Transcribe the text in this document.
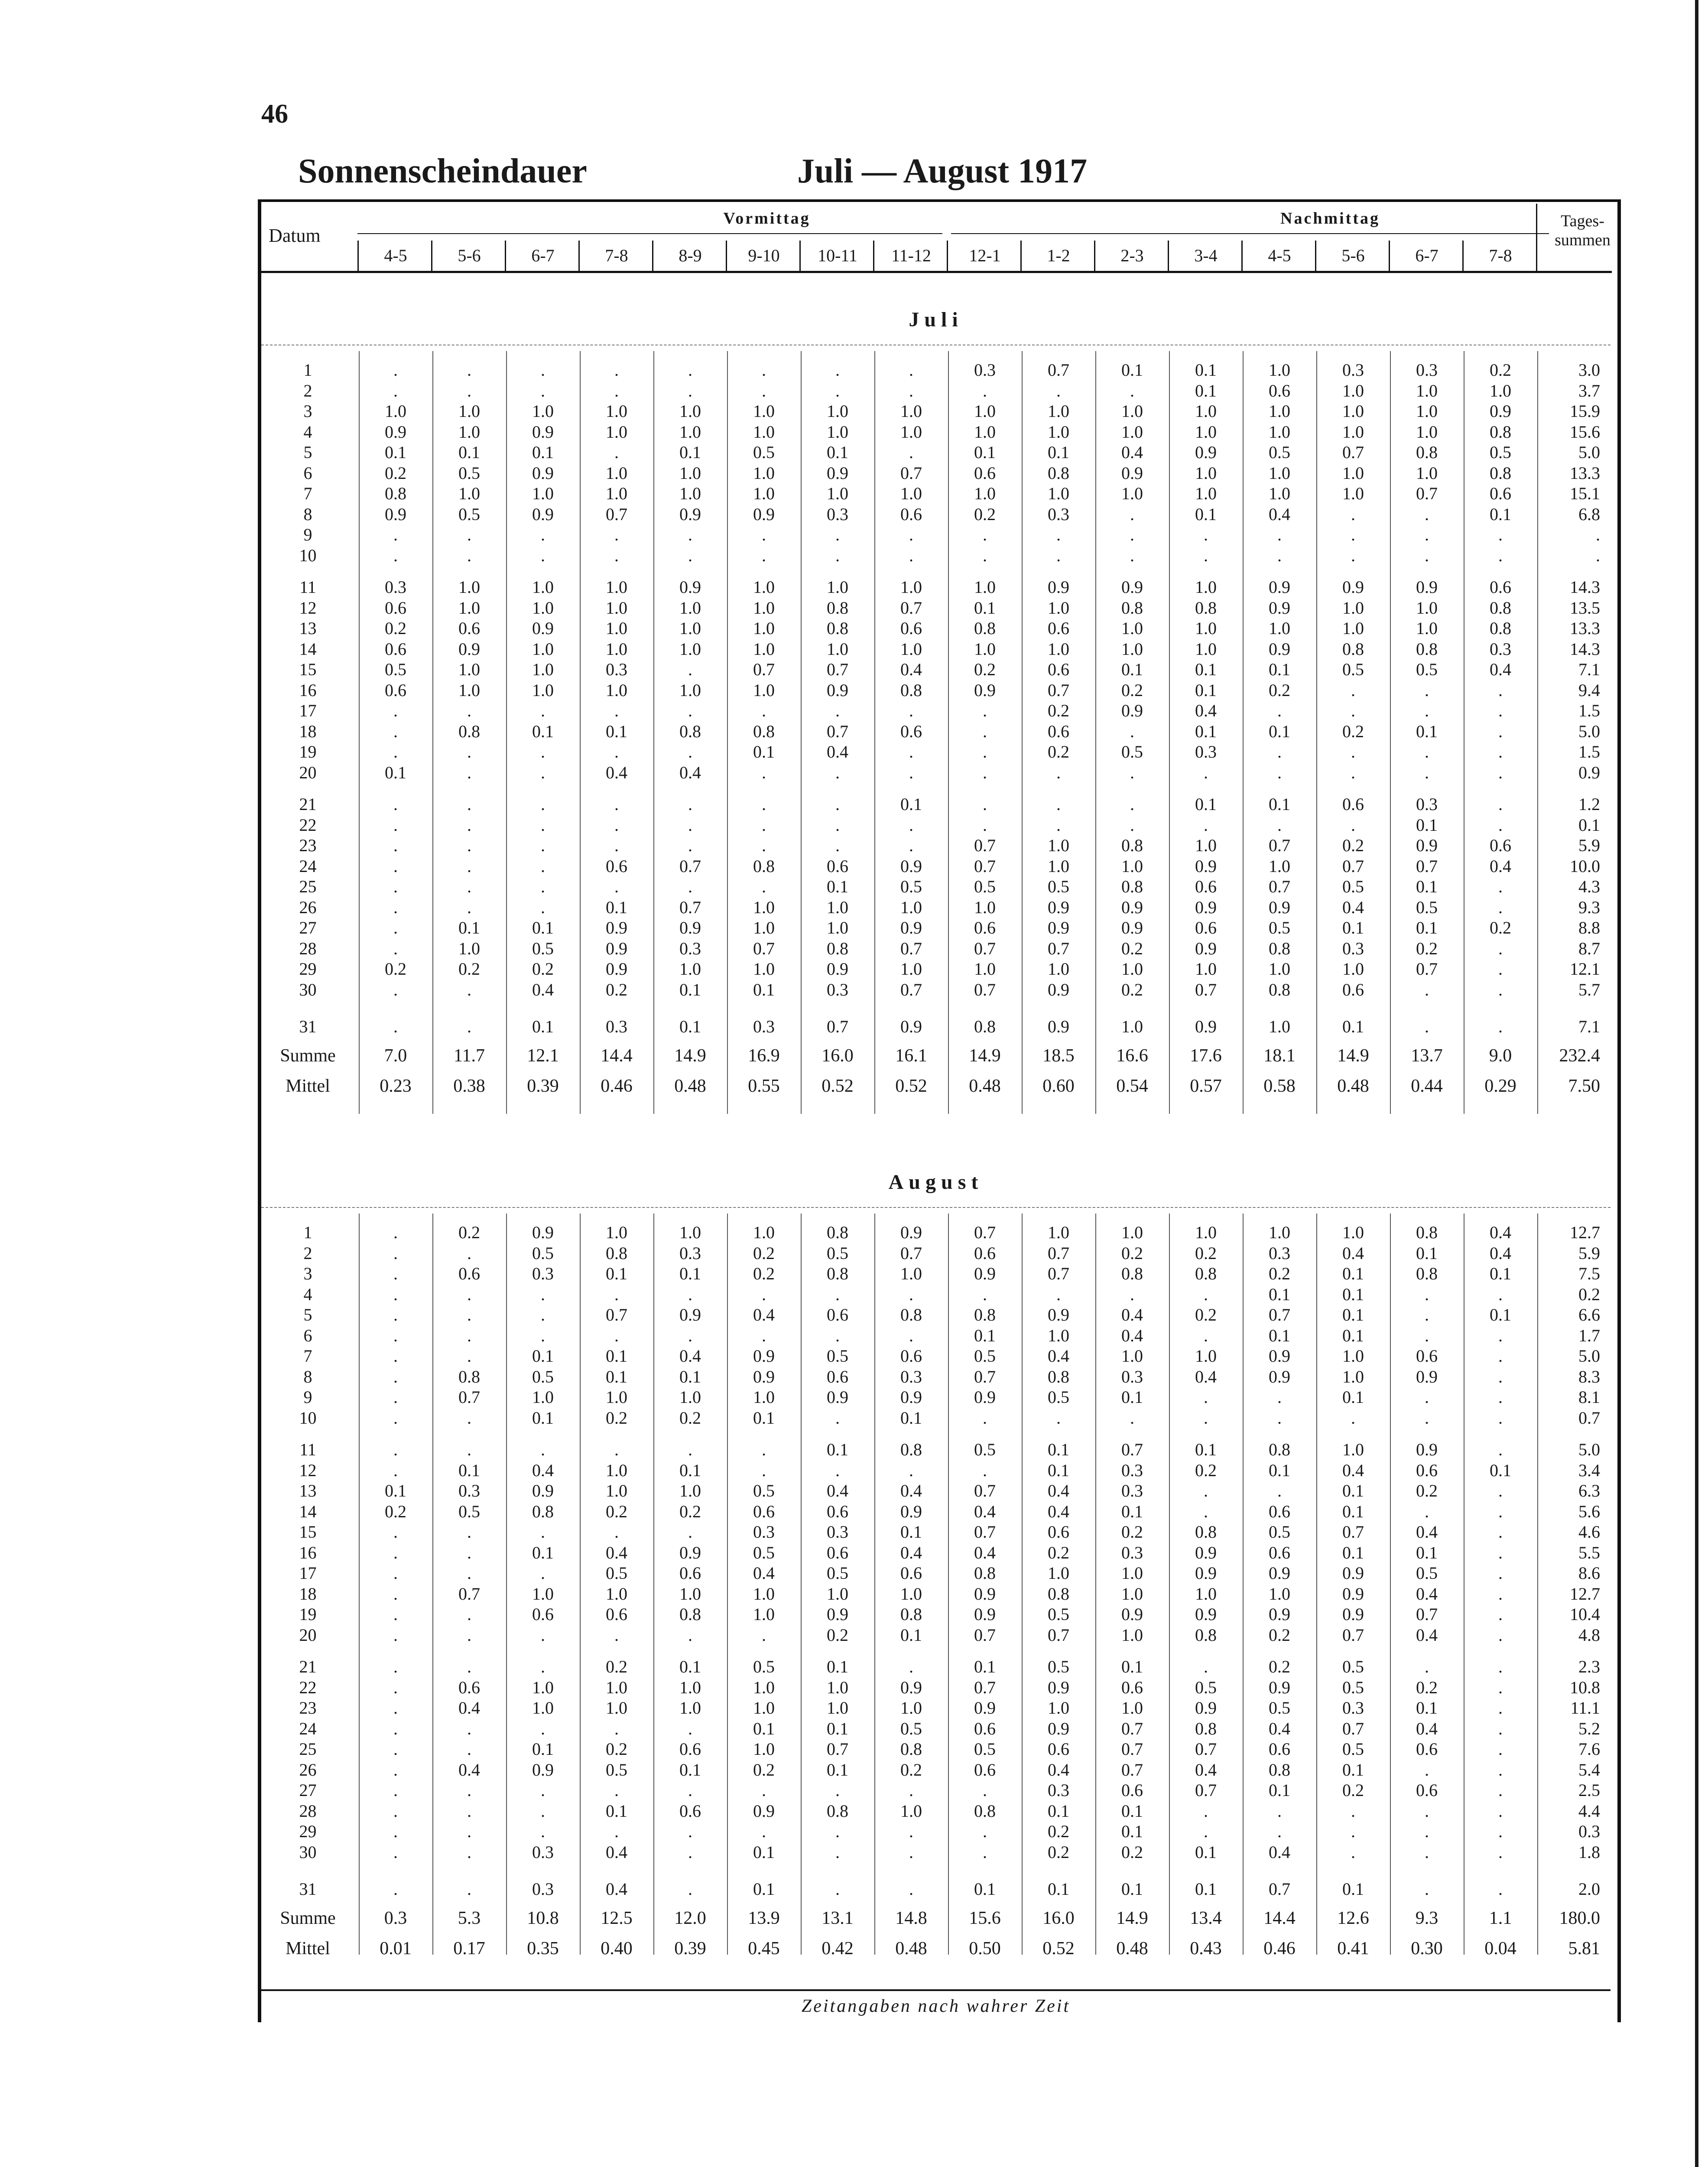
46
Sonnenscheindauer	Juli — August 1917
Datum
Vormittag	Nachmittag	Tages-
summen
4-5	5-6	6-7	7-8	8-9	9-10	10-11	11-12	12-1	1-2	2-3	3-4	4-5	5-6	6-7	7-8
Juli
1	.	.	.	.	.	.	.	.	0.3	0.7	0.1	0.1	1.0	0.3	0.3	0.2	3.0
2	.	.	.	.	.	.	.	.	.	.	.	0.1	0.6	1.0	1.0	1.0	3.7
3	1.0	1.0	1.0	1.0	1.0	1.0	1.0	1.0	1.0	1.0	1.0	1.0	1.0	1.0	1.0	0.9	15.9
4	0.9	1.0	0.9	1.0	1.0	1.0	1.0	1.0	1.0	1.0	1.0	1.0	1.0	1.0	1.0	0.8	15.6
5	0.1	0.1	0.1	.	0.1	0.5	0.1	.	0.1	0.1	0.4	0.9	0.5	0.7	0.8	0.5	5.0
6	0.2	0.5	0.9	1.0	1.0	1.0	0.9	0.7	0.6	0.8	0.9	1.0	1.0	1.0	1.0	0.8	13.3
7	0.8	1.0	1.0	1.0	1.0	1.0	1.0	1.0	1.0	1.0	1.0	1.0	1.0	1.0	0.7	0.6	15.1
8	0.9	0.5	0.9	0.7	0.9	0.9	0.3	0.6	0.2	0.3	.	0.1	0.4	.	.	0.1	6.8
9	.	.	.	.	.	.	.	.	.	.	.	.	.	.	.	.	.
10	.	.	.	.	.	.	.	.	.	.	.	.	.	.	.	.	.
11	0.3	1.0	1.0	1.0	0.9	1.0	1.0	1.0	1.0	0.9	0.9	1.0	0.9	0.9	0.9	0.6	14.3
12	0.6	1.0	1.0	1.0	1.0	1.0	0.8	0.7	0.1	1.0	0.8	0.8	0.9	1.0	1.0	0.8	13.5
13	0.2	0.6	0.9	1.0	1.0	1.0	0.8	0.6	0.8	0.6	1.0	1.0	1.0	1.0	1.0	0.8	13.3
14	0.6	0.9	1.0	1.0	1.0	1.0	1.0	1.0	1.0	1.0	1.0	1.0	0.9	0.8	0.8	0.3	14.3
15	0.5	1.0	1.0	0.3	.	0.7	0.7	0.4	0.2	0.6	0.1	0.1	0.1	0.5	0.5	0.4	7.1
16	0.6	1.0	1.0	1.0	1.0	1.0	0.9	0.8	0.9	0.7	0.2	0.1	0.2	.	.	.	9.4
17	.	.	.	.	.	.	.	.	.	0.2	0.9	0.4	.	.	.	.	1.5
18	.	0.8	0.1	0.1	0.8	0.8	0.7	0.6	.	0.6	.	0.1	0.1	0.2	0.1	.	5.0
19	.	.	.	.	.	0.1	0.4	.	.	0.2	0.5	0.3	.	.	.	.	1.5
20	0.1	.	.	0.4	0.4	.	.	.	.	.	.	.	.	.	.	.	0.9
21	.	.	.	.	.	.	.	0.1	.	.	.	0.1	0.1	0.6	0.3	.	1.2
22	.	.	.	.	.	.	.	.	.	.	.	.	.	.	0.1	.	0.1
23	.	.	.	.	.	.	.	.	0.7	1.0	0.8	1.0	0.7	0.2	0.9	0.6	5.9
24	.	.	.	0.6	0.7	0.8	0.6	0.9	0.7	1.0	1.0	0.9	1.0	0.7	0.7	0.4	10.0
25	.	.	.	.	.	.	0.1	0.5	0.5	0.5	0.8	0.6	0.7	0.5	0.1	.	4.3
26	.	.	.	0.1	0.7	1.0	1.0	1.0	1.0	0.9	0.9	0.9	0.9	0.4	0.5	.	9.3
27	.	0.1	0.1	0.9	0.9	1.0	1.0	0.9	0.6	0.9	0.9	0.6	0.5	0.1	0.1	0.2	8.8
28	.	1.0	0.5	0.9	0.3	0.7	0.8	0.7	0.7	0.7	0.2	0.9	0.8	0.3	0.2	.	8.7
29	0.2	0.2	0.2	0.9	1.0	1.0	0.9	1.0	1.0	1.0	1.0	1.0	1.0	1.0	0.7	.	12.1
30	.	.	0.4	0.2	0.1	0.1	0.3	0.7	0.7	0.9	0.2	0.7	0.8	0.6	.	.	5.7
31	.	.	0.1	0.3	0.1	0.3	0.7	0.9	0.8	0.9	1.0	0.9	1.0	0.1	.	.	7.1
Summe	7.0	11.7	12.1	14.4	14.9	16.9	16.0	16.1	14.9	18.5	16.6	17.6	18.1	14.9	13.7	9.0	232.4
Mittel	0.23	0.38	0.39	0.46	0.48	0.55	0.52	0.52	0.48	0.60	0.54	0.57	0.58	0.48	0.44	0.29	7.50
August
1	.	0.2	0.9	1.0	1.0	1.0	0.8	0.9	0.7	1.0	1.0	1.0	1.0	1.0	0.8	0.4	12.7
2	.	.	0.5	0.8	0.3	0.2	0.5	0.7	0.6	0.7	0.2	0.2	0.3	0.4	0.1	0.4	5.9
3	.	0.6	0.3	0.1	0.1	0.2	0.8	1.0	0.9	0.7	0.8	0.8	0.2	0.1	0.8	0.1	7.5
4	.	.	.	.	.	.	.	.	.	.	.	.	0.1	0.1	.	.	0.2
5	.	.	.	0.7	0.9	0.4	0.6	0.8	0.8	0.9	0.4	0.2	0.7	0.1	.	0.1	6.6
6	.	.	.	.	.	.	.	.	0.1	1.0	0.4	.	0.1	0.1	.	.	1.7
7	.	.	0.1	0.1	0.4	0.9	0.5	0.6	0.5	0.4	1.0	1.0	0.9	1.0	0.6	.	5.0
8	.	0.8	0.5	0.1	0.1	0.9	0.6	0.3	0.7	0.8	0.3	0.4	0.9	1.0	0.9	.	8.3
9	.	0.7	1.0	1.0	1.0	1.0	0.9	0.9	0.9	0.5	0.1	.	.	0.1	.	.	8.1
10	.	.	0.1	0.2	0.2	0.1	.	0.1	.	.	.	.	.	.	.	.	0.7
11	.	.	.	.	.	.	0.1	0.8	0.5	0.1	0.7	0.1	0.8	1.0	0.9	.	5.0
12	.	0.1	0.4	1.0	0.1	.	.	.	.	0.1	0.3	0.2	0.1	0.4	0.6	0.1	3.4
13	0.1	0.3	0.9	1.0	1.0	0.5	0.4	0.4	0.7	0.4	0.3	.	.	0.1	0.2	.	6.3
14	0.2	0.5	0.8	0.2	0.2	0.6	0.6	0.9	0.4	0.4	0.1	.	0.6	0.1	.	.	5.6
15	.	.	.	.	.	0.3	0.3	0.1	0.7	0.6	0.2	0.8	0.5	0.7	0.4	.	4.6
16	.	.	0.1	0.4	0.9	0.5	0.6	0.4	0.4	0.2	0.3	0.9	0.6	0.1	0.1	.	5.5
17	.	.	.	0.5	0.6	0.4	0.5	0.6	0.8	1.0	1.0	0.9	0.9	0.9	0.5	.	8.6
18	.	0.7	1.0	1.0	1.0	1.0	1.0	1.0	0.9	0.8	1.0	1.0	1.0	0.9	0.4	.	12.7
19	.	.	0.6	0.6	0.8	1.0	0.9	0.8	0.9	0.5	0.9	0.9	0.9	0.9	0.7	.	10.4
20	.	.	.	.	.	.	0.2	0.1	0.7	0.7	1.0	0.8	0.2	0.7	0.4	.	4.8
21	.	.	.	0.2	0.1	0.5	0.1	.	0.1	0.5	0.1	.	0.2	0.5	.	.	2.3
22	.	0.6	1.0	1.0	1.0	1.0	1.0	0.9	0.7	0.9	0.6	0.5	0.9	0.5	0.2	.	10.8
23	.	0.4	1.0	1.0	1.0	1.0	1.0	1.0	0.9	1.0	1.0	0.9	0.5	0.3	0.1	.	11.1
24	.	.	.	.	.	0.1	0.1	0.5	0.6	0.9	0.7	0.8	0.4	0.7	0.4	.	5.2
25	.	.	0.1	0.2	0.6	1.0	0.7	0.8	0.5	0.6	0.7	0.7	0.6	0.5	0.6	.	7.6
26	.	0.4	0.9	0.5	0.1	0.2	0.1	0.2	0.6	0.4	0.7	0.4	0.8	0.1	.	.	5.4
27	.	.	.	.	.	.	.	.	.	0.3	0.6	0.7	0.1	0.2	0.6	.	2.5
28	.	.	.	0.1	0.6	0.9	0.8	1.0	0.8	0.1	0.1	.	.	.	.	.	4.4
29	.	.	.	.	.	.	.	.	.	0.2	0.1	.	.	.	.	.	0.3
30	.	.	0.3	0.4	.	0.1	.	.	.	0.2	0.2	0.1	0.4	.	.	.	1.8
31	.	.	0.3	0.4	.	0.1	.	.	0.1	0.1	0.1	0.1	0.7	0.1	.	.	2.0
Summe	0.3	5.3	10.8	12.5	12.0	13.9	13.1	14.8	15.6	16.0	14.9	13.4	14.4	12.6	9.3	1.1	180.0
Mittel	0.01	0.17	0.35	0.40	0.39	0.45	0.42	0.48	0.50	0.52	0.48	0.43	0.46	0.41	0.30	0.04	5.81
Zeitangaben nach wahrer Zeit
